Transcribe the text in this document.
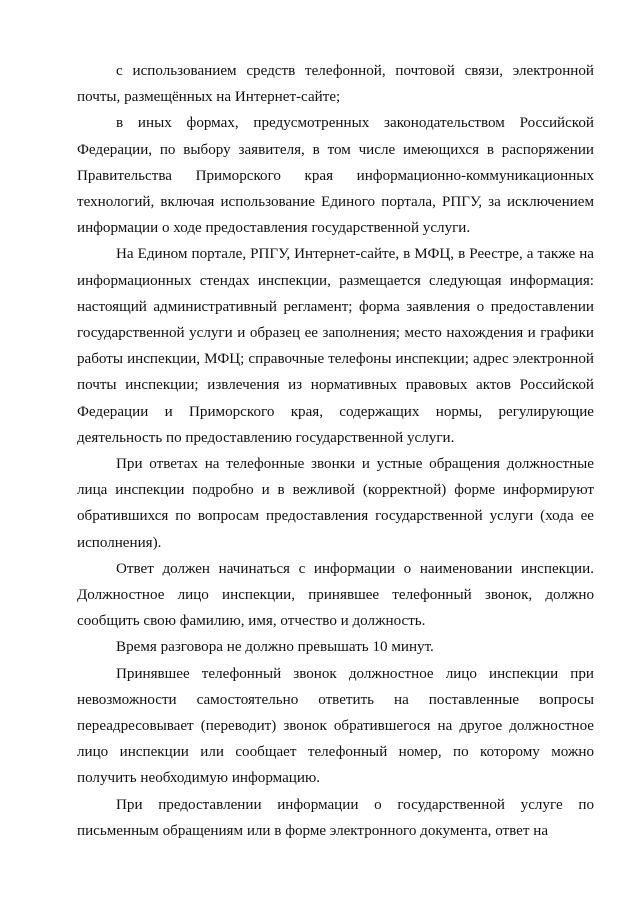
с использованием средств телефонной, почтовой связи, электронной почты, размещённых на Интернет-сайте;

в иных формах, предусмотренных законодательством Российской Федерации, по выбору заявителя, в том числе имеющихся в распоряжении Правительства Приморского края информационно-коммуникационных технологий, включая использование Единого портала, РПГУ, за исключением информации о ходе предоставления государственной услуги.

На Едином портале, РПГУ, Интернет-сайте, в МФЦ, в Реестре, а также на информационных стендах инспекции, размещается следующая информация: настоящий административный регламент; форма заявления о предоставлении государственной услуги и образец ее заполнения; место нахождения и графики работы инспекции, МФЦ; справочные телефоны инспекции; адрес электронной почты инспекции; извлечения из нормативных правовых актов Российской Федерации и Приморского края, содержащих нормы, регулирующие деятельность по предоставлению государственной услуги.

При ответах на телефонные звонки и устные обращения должностные лица инспекции подробно и в вежливой (корректной) форме информируют обратившихся по вопросам предоставления государственной услуги (хода ее исполнения).

Ответ должен начинаться с информации о наименовании инспекции. Должностное лицо инспекции, принявшее телефонный звонок, должно сообщить свою фамилию, имя, отчество и должность.

Время разговора не должно превышать 10 минут.

Принявшее телефонный звонок должностное лицо инспекции при невозможности самостоятельно ответить на поставленные вопросы переадресовывает (переводит) звонок обратившегося на другое должностное лицо инспекции или сообщает телефонный номер, по которому можно получить необходимую информацию.

При предоставлении информации о государственной услуге по письменным обращениям или в форме электронного документа, ответ на
